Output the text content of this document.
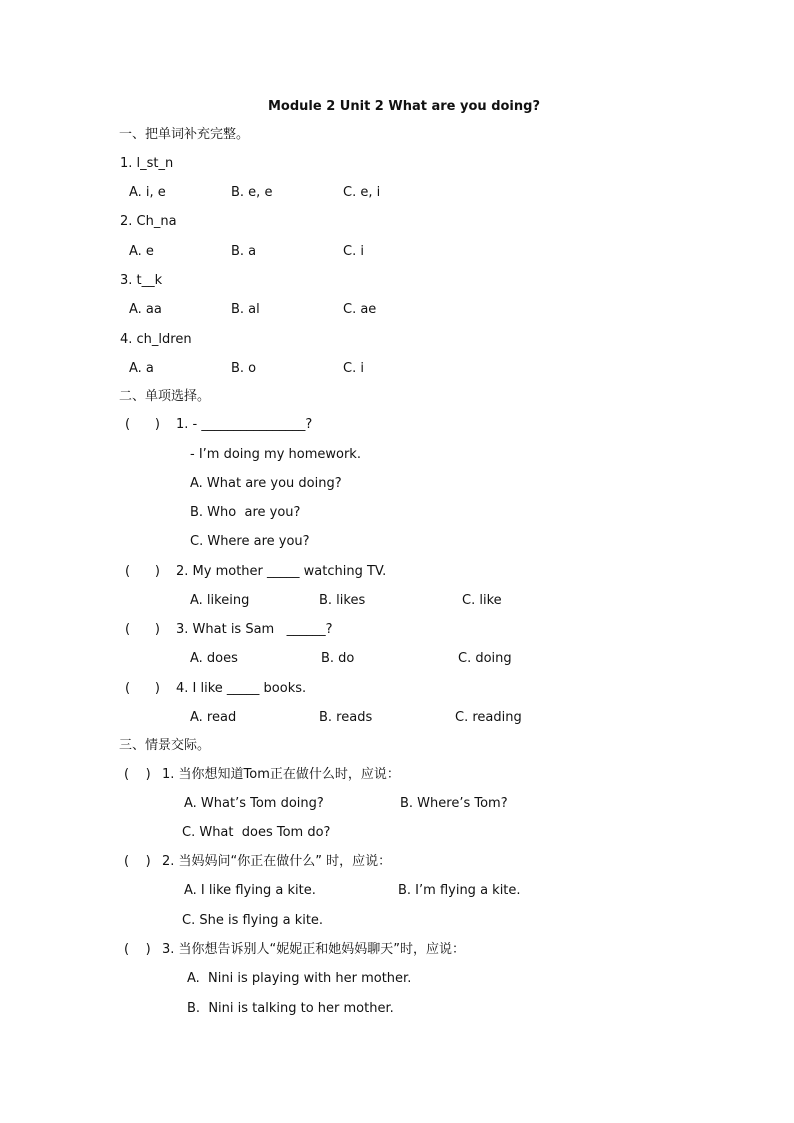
Module 2 Unit 2 What are you doing?
一、把单词补充完整。
1. l_st_n
A. i, e	B. e, e	C. e, i
2. Ch_na
A. e	B. a	C. i
3. t__k
A. aa	B. al	C. ae
4. ch_ldren
A. a	B. o	C. i
二、单项选择。
(      ) 1. - ________________?
- I’m doing my homework.
A. What are you doing?
B. Who  are you?
C. Where are you?
(      ) 2. My mother _____ watching TV.
A. likeing	B. likes	C. like
(      ) 3. What is Sam   ______?
A. does	B. do	C. doing
(      ) 4. I like _____ books.
A. read	B. reads	C. reading
三、情景交际。
(    ) 1. 当你想知道Tom正在做什么时，应说：
A. What’s Tom doing?	B. Where’s Tom?
C. What  does Tom do?
(    ) 2. 当妈妈问“你正在做什么” 时，应说：
A. I like flying a kite.	B. I’m flying a kite.
C. She is flying a kite.
(    ) 3. 当你想告诉别人“妮妮正和她妈妈聊天”时，应说：
A.  Nini is playing with her mother.
B.  Nini is talking to her mother.
